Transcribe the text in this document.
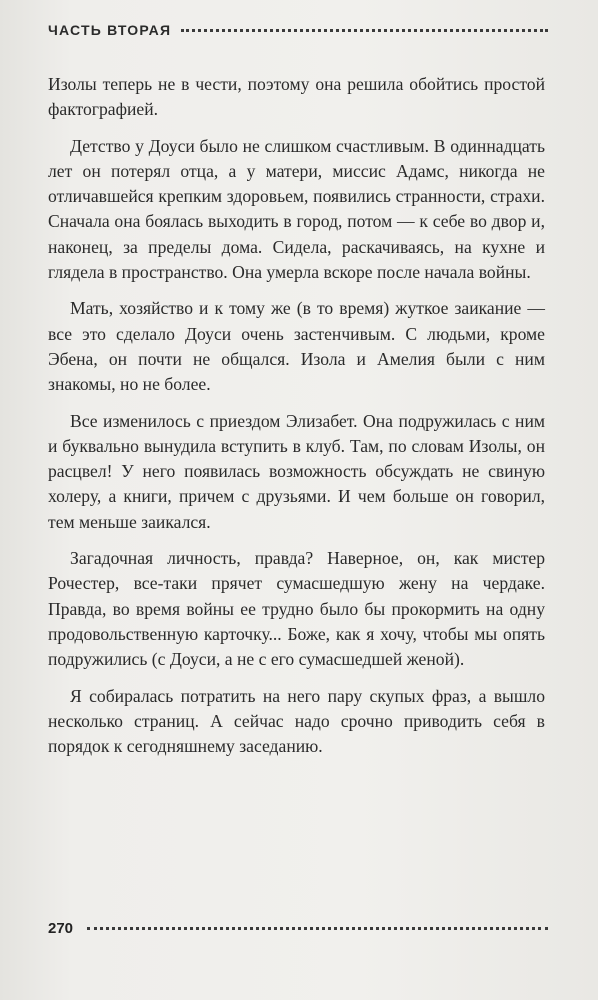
ЧАСТЬ ВТОРАЯ

Изолы теперь не в чести, поэтому она решила обойтись простой фактографией.

Детство у Доуси было не слишком счастливым. В одиннадцать лет он потерял отца, а у матери, миссис Адамс, никогда не отличавшейся крепким здоровьем, появились странности, страхи. Сначала она боялась выходить в город, потом — к себе во двор и, наконец, за пределы дома. Сидела, раскачиваясь, на кухне и глядела в пространство. Она умерла вскоре после начала войны.

Мать, хозяйство и к тому же (в то время) жуткое заикание — все это сделало Доуси очень застенчивым. С людьми, кроме Эбена, он почти не общался. Изола и Амелия были с ним знакомы, но не более.

Все изменилось с приездом Элизабет. Она подружилась с ним и буквально вынудила вступить в клуб. Там, по словам Изолы, он расцвел! У него появилась возможность обсуждать не свиную холеру, а книги, причем с друзьями. И чем больше он говорил, тем меньше заикался.

Загадочная личность, правда? Наверное, он, как мистер Рочестер, все-таки прячет сумасшедшую жену на чердаке. Правда, во время войны ее трудно было бы прокормить на одну продовольственную карточку... Боже, как я хочу, чтобы мы опять подружились (с Доуси, а не с его сумасшедшей женой).

Я собиралась потратить на него пару скупых фраз, а вышло несколько страниц. А сейчас надо срочно приводить себя в порядок к сегодняшнему заседанию.

270
